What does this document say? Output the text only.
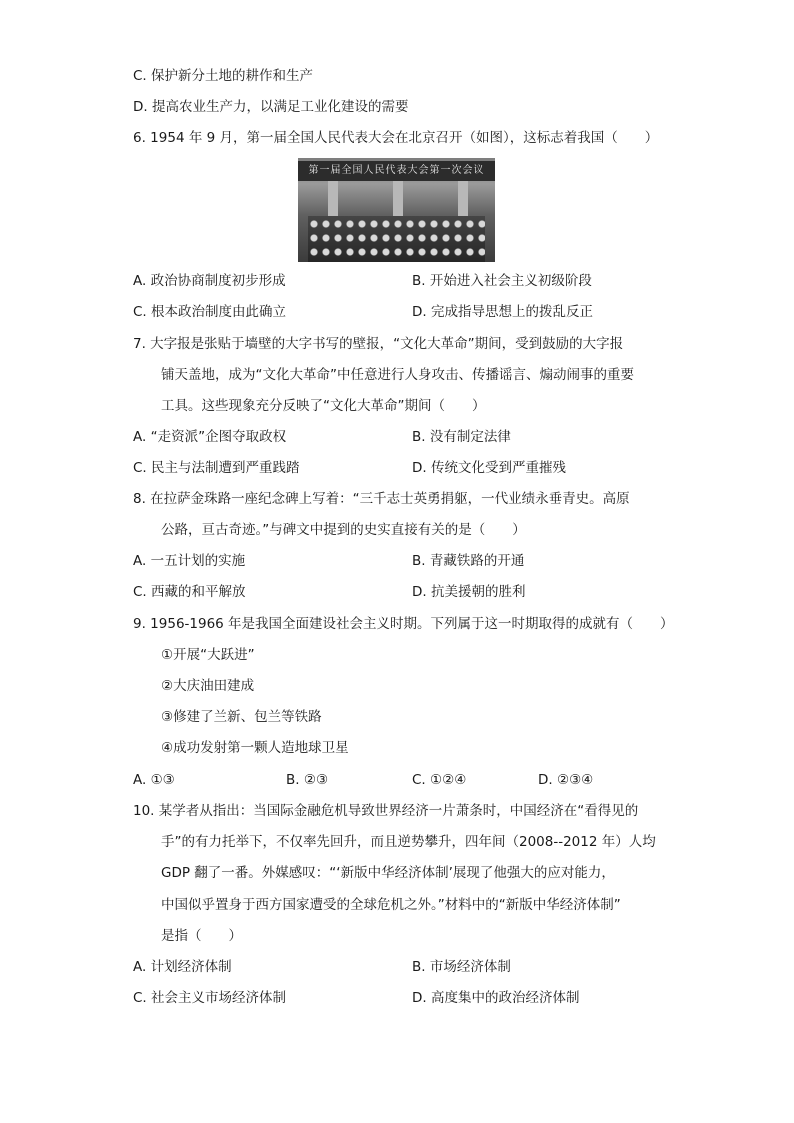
C. 保护新分土地的耕作和生产
D. 提高农业生产力，以满足工业化建设的需要
6. 1954 年 9 月，第一届全国人民代表大会在北京召开（如图），这标志着我国（　　）
第一届全国人民代表大会第一次会议
A. 政治协商制度初步形成	B. 开始进入社会主义初级阶段
C. 根本政治制度由此确立	D. 完成指导思想上的拨乱反正
7. 大字报是张贴于墙壁的大字书写的壁报，“文化大革命”期间，受到鼓励的大字报
铺天盖地，成为“文化大革命”中任意进行人身攻击、传播谣言、煽动闹事的重要
工具。这些现象充分反映了“文化大革命”期间（　　）
A. “走资派”企图夺取政权	B. 没有制定法律
C. 民主与法制遭到严重践踏	D. 传统文化受到严重摧残
8. 在拉萨金珠路一座纪念碑上写着：“三千志士英勇捐躯，一代业绩永垂青史。高原
公路，亘古奇迹。”与碑文中提到的史实直接有关的是（　　）
A. 一五计划的实施	B. 青藏铁路的开通
C. 西藏的和平解放	D. 抗美援朝的胜利
9. 1956-1966 年是我国全面建设社会主义时期。下列属于这一时期取得的成就有（　　）
①开展“大跃进”
②大庆油田建成
③修建了兰新、包兰等铁路
④成功发射第一颗人造地球卫星
A. ①③	B. ②③	C. ①②④	D. ②③④
10. 某学者从指出：当国际金融危机导致世界经济一片萧条时，中国经济在“看得见的
手”的有力托举下，不仅率先回升，而且逆势攀升，四年间（2008--2012 年）人均
GDP 翻了一番。外媒感叹：“‘新版中华经济体制’展现了他强大的应对能力，
中国似乎置身于西方国家遭受的全球危机之外。”材料中的“新版中华经济体制”
是指（　　）
A. 计划经济体制	B. 市场经济体制
C. 社会主义市场经济体制	D. 高度集中的政治经济体制
